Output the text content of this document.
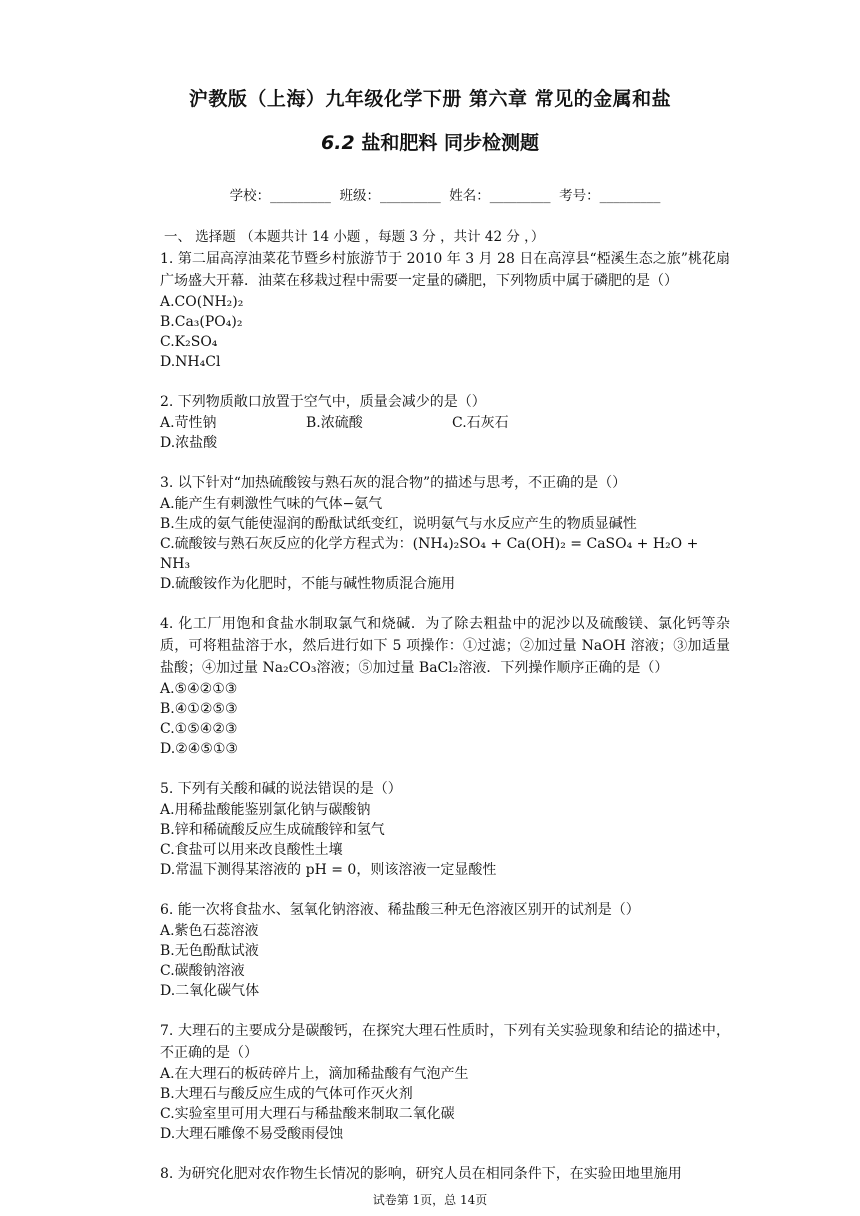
沪教版（上海）九年级化学下册 第六章 常见的金属和盐
6.2 盐和肥料 同步检测题
学校：_________  班级：_________  姓名：_________  考号：_________
一、 选择题 （本题共计 14 小题 ，每题 3 分 ，共计 42 分 ，）
1. 第二届高淳油菜花节暨乡村旅游节于 2010 年 3 月 28 日在高淳县“椏溪生态之旅”桃花扇广场盛大开幕．油菜在移栽过程中需要一定量的磷肥，下列物质中属于磷肥的是（）
A.CO(NH₂)₂
B.Ca₃(PO₄)₂
C.K₂SO₄
D.NH₄Cl
2. 下列物质敞口放置于空气中，质量会减少的是（）
A.苛性钠	B.浓硫酸	C.石灰石
D.浓盐酸
3. 以下针对“加热硫酸铵与熟石灰的混合物”的描述与思考，不正确的是（）
A.能产生有刺激性气味的气体−氨气
B.生成的氨气能使湿润的酚酞试纸变红，说明氨气与水反应产生的物质显碱性
C.硫酸铵与熟石灰反应的化学方程式为：(NH₄)₂SO₄ + Ca(OH)₂ = CaSO₄ + H₂O + NH₃
D.硫酸铵作为化肥时，不能与碱性物质混合施用
4. 化工厂用饱和食盐水制取氯气和烧碱．为了除去粗盐中的泥沙以及硫酸镁、氯化钙等杂质，可将粗盐溶于水，然后进行如下 5 项操作：①过滤；②加过量 NaOH 溶液；③加适量盐酸；④加过量 Na₂CO₃溶液；⑤加过量 BaCl₂溶液．下列操作顺序正确的是（）
A.⑤④②①③
B.④①②⑤③
C.①⑤④②③
D.②④⑤①③
5. 下列有关酸和碱的说法错误的是（）
A.用稀盐酸能鉴别氯化钠与碳酸钠
B.锌和稀硫酸反应生成硫酸锌和氢气
C.食盐可以用来改良酸性土壤
D.常温下测得某溶液的 pH = 0，则该溶液一定显酸性
6. 能一次将食盐水、氢氧化钠溶液、稀盐酸三种无色溶液区别开的试剂是（）
A.紫色石蕊溶液
B.无色酚酞试液
C.碳酸钠溶液
D.二氧化碳气体
7. 大理石的主要成分是碳酸钙，在探究大理石性质时，下列有关实验现象和结论的描述中，不正确的是（）
A.在大理石的板砖碎片上，滴加稀盐酸有气泡产生
B.大理石与酸反应生成的气体可作灭火剂
C.实验室里可用大理石与稀盐酸来制取二氧化碳
D.大理石雕像不易受酸雨侵蚀
8. 为研究化肥对农作物生长情况的影响，研究人员在相同条件下，在实验田地里施用
试卷第 1页，总 14页
